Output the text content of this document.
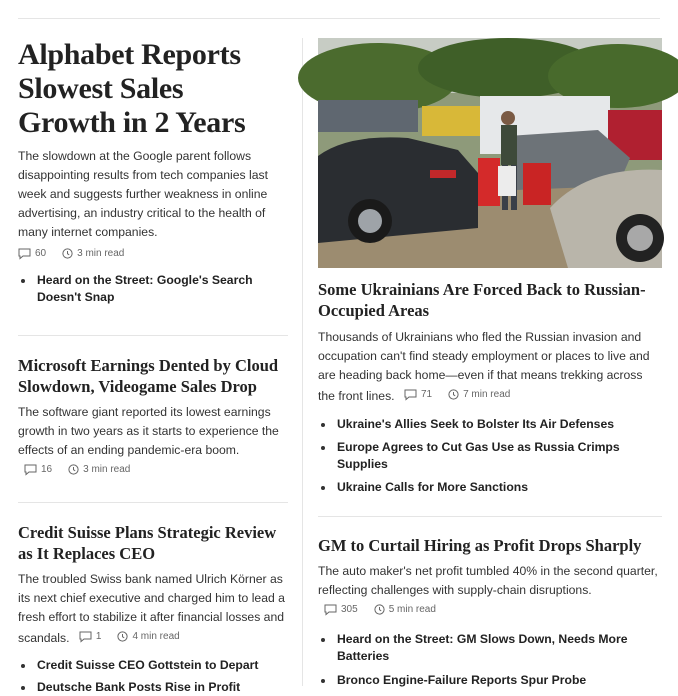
Alphabet Reports Slowest Sales Growth in 2 Years

The slowdown at the Google parent follows disappointing results from tech companies last week and suggests further weakness in online advertising, an industry critical to the health of many internet companies.

60	3 min read
Heard on the Street: Google's Search Doesn't Snap
Microsoft Earnings Dented by Cloud Slowdown, Videogame Sales Drop

The software giant reported its lowest earnings growth in two years as it starts to experience the effects of an ending pandemic-era boom.
16	3 min read

Credit Suisse Plans Strategic Review as It Replaces CEO

The troubled Swiss bank named Ulrich Körner as its next chief executive and charged him to lead a fresh effort to stabilize it after financial losses and scandals.	1	4 min read

Credit Suisse CEO Gottstein to Depart
Deutsche Bank Posts Rise in Profit
Some Ukrainians Are Forced Back to Russian-Occupied Areas

Thousands of Ukrainians who fled the Russian invasion and occupation can't find steady employment or places to live and are heading back home—even if that means trekking across the front lines.	71	7 min read

Ukraine's Allies Seek to Bolster Its Air Defenses
Europe Agrees to Cut Gas Use as Russia Crimps Supplies
Ukraine Calls for More Sanctions
GM to Curtail Hiring as Profit Drops Sharply

The auto maker's net profit tumbled 40% in the second quarter, reflecting challenges with supply-chain disruptions.
305	5 min read

Heard on the Street: GM Slows Down, Needs More Batteries
Bronco Engine-Failure Reports Spur Probe
